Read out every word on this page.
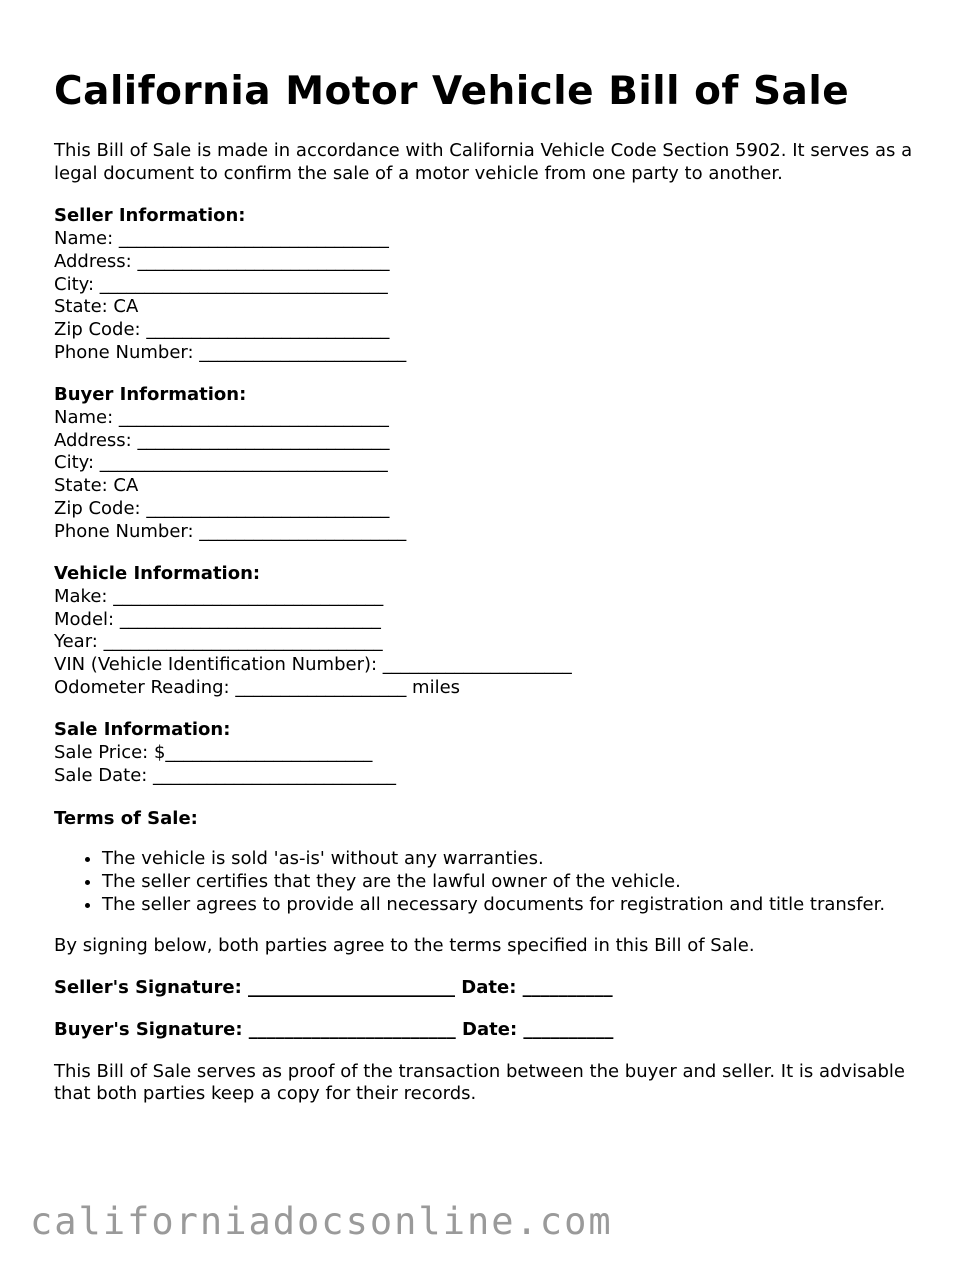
California Motor Vehicle Bill of Sale

This Bill of Sale is made in accordance with California Vehicle Code Section 5902. It serves as a legal document to confirm the sale of a motor vehicle from one party to another.

Seller Information:
Name: ______________________________
Address: ____________________________
City: ________________________________
State: CA
Zip Code: ___________________________
Phone Number: _______________________
Buyer Information:
Name: ______________________________
Address: ____________________________
City: ________________________________
State: CA
Zip Code: ___________________________
Phone Number: _______________________
Vehicle Information:
Make: ______________________________
Model: _____________________________
Year: _______________________________
VIN (Vehicle Identification Number): _____________________
Odometer Reading: ___________________ miles
Sale Information:
Sale Price: $_______________________
Sale Date: ___________________________
Terms of Sale:
• The vehicle is sold 'as-is' without any warranties.
• The seller certifies that they are the lawful owner of the vehicle.
• The seller agrees to provide all necessary documents for registration and title transfer.

By signing below, both parties agree to the terms specified in this Bill of Sale.

Seller's Signature: _______________________ Date: __________
Buyer's Signature: _______________________ Date: __________

This Bill of Sale serves as proof of the transaction between the buyer and seller. It is advisable that both parties keep a copy for their records.

californiadocsonline.com
